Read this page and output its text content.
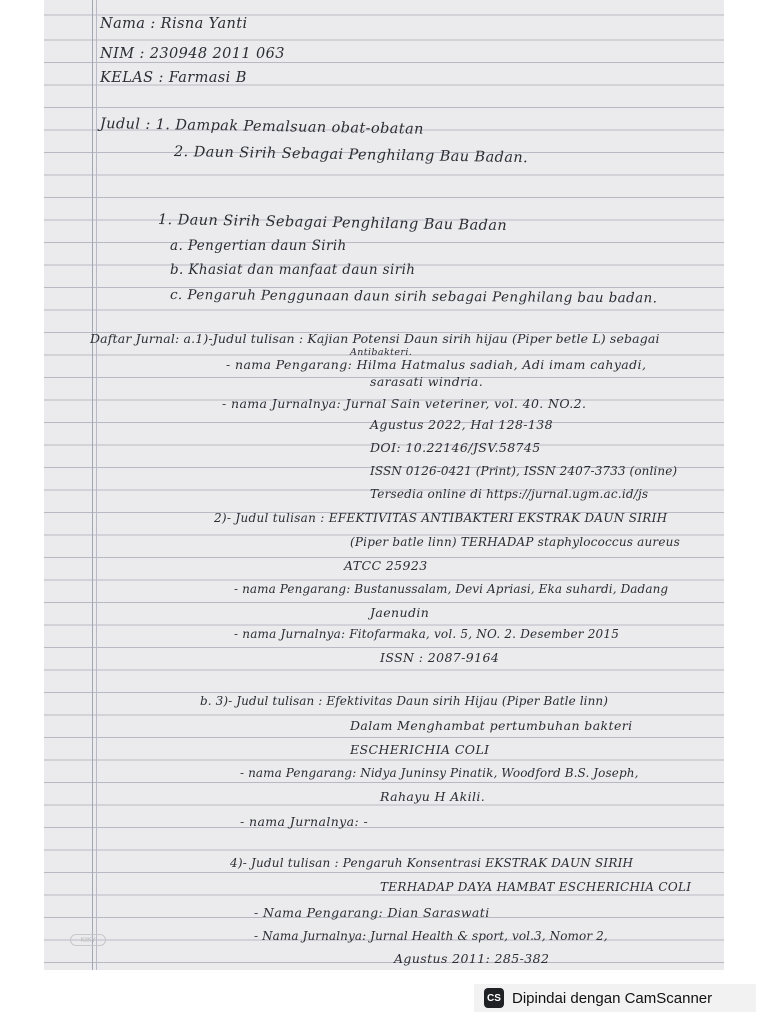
Nama : Risna Yanti
NIM : 230948 2011 063
KELAS : Farmasi B
Judul : 1. Dampak Pemalsuan obat-obatan
2. Daun Sirih Sebagai Penghilang Bau Badan.
1. Daun Sirih Sebagai Penghilang Bau Badan
a. Pengertian daun Sirih
b. Khasiat dan manfaat daun sirih
c. Pengaruh Penggunaan daun sirih sebagai Penghilang bau badan.
Daftar Jurnal: a.1)-Judul tulisan : Kajian Potensi Daun sirih hijau (Piper betle L) sebagai
Antibakteri.
- nama Pengarang: Hilma Hatmalus sadiah, Adi imam cahyadi,
sarasati windria.
- nama Jurnalnya: Jurnal Sain veteriner, vol. 40. NO.2.
Agustus 2022, Hal 128-138
DOI: 10.22146/JSV.58745
ISSN 0126-0421 (Print), ISSN 2407-3733 (online)
Tersedia online di https://jurnal.ugm.ac.id/js
2)- Judul tulisan : EFEKTIVITAS ANTIBAKTERI EKSTRAK DAUN SIRIH
(Piper batle linn) TERHADAP staphylococcus aureus
ATCC 25923
- nama Pengarang: Bustanussalam, Devi Apriasi, Eka suhardi, Dadang
Jaenudin
- nama Jurnalnya: Fitofarmaka, vol. 5, NO. 2. Desember 2015
ISSN : 2087-9164
b. 3)- Judul tulisan : Efektivitas Daun sirih Hijau (Piper Batle linn)
Dalam Menghambat pertumbuhan bakteri
ESCHERICHIA COLI
- nama Pengarang: Nidya Juninsy Pinatik, Woodford B.S. Joseph,
Rahayu H Akili.
- nama Jurnalnya: -
4)- Judul tulisan : Pengaruh Konsentrasi EKSTRAK DAUN SIRIH
TERHADAP DAYA HAMBAT ESCHERICHIA COLI
- Nama Pengarang: Dian Saraswati
- Nama Jurnalnya: Jurnal Health & sport, vol.3, Nomor 2,
Agustus 2011: 285-382
KIKY
CS Dipindai dengan CamScanner
